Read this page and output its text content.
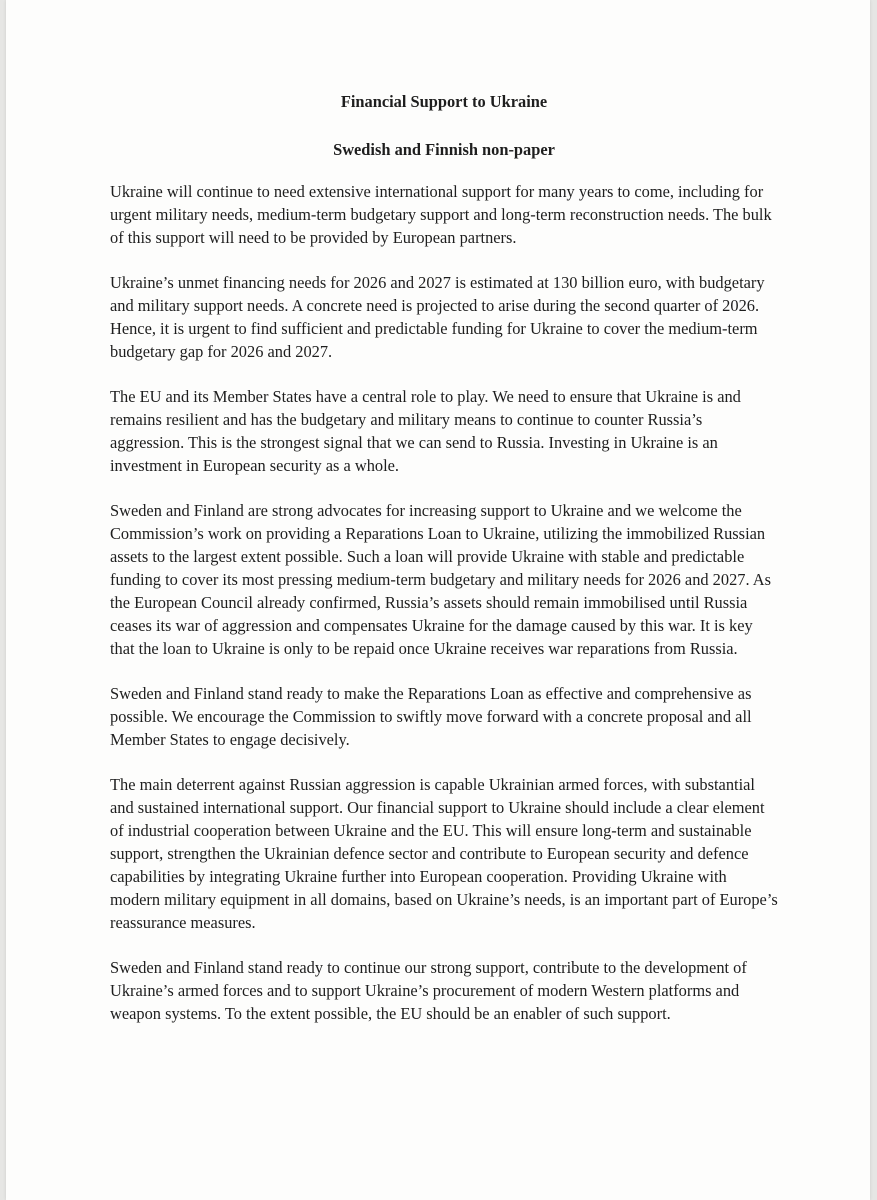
Financial Support to Ukraine

Swedish and Finnish non-paper

Ukraine will continue to need extensive international support for many years to come, including for urgent military needs, medium-term budgetary support and long-term reconstruction needs. The bulk of this support will need to be provided by European partners.

Ukraine’s unmet financing needs for 2026 and 2027 is estimated at 130 billion euro, with budgetary and military support needs. A concrete need is projected to arise during the second quarter of 2026. Hence, it is urgent to find sufficient and predictable funding for Ukraine to cover the medium-term budgetary gap for 2026 and 2027.

The EU and its Member States have a central role to play. We need to ensure that Ukraine is and remains resilient and has the budgetary and military means to continue to counter Russia’s aggression. This is the strongest signal that we can send to Russia. Investing in Ukraine is an investment in European security as a whole.

Sweden and Finland are strong advocates for increasing support to Ukraine and we welcome the Commission’s work on providing a Reparations Loan to Ukraine, utilizing the immobilized Russian assets to the largest extent possible. Such a loan will provide Ukraine with stable and predictable funding to cover its most pressing medium-term budgetary and military needs for 2026 and 2027. As the European Council already confirmed, Russia’s assets should remain immobilised until Russia ceases its war of aggression and compensates Ukraine for the damage caused by this war. It is key that the loan to Ukraine is only to be repaid once Ukraine receives war reparations from Russia.

Sweden and Finland stand ready to make the Reparations Loan as effective and comprehensive as possible. We encourage the Commission to swiftly move forward with a concrete proposal and all Member States to engage decisively.

The main deterrent against Russian aggression is capable Ukrainian armed forces, with substantial and sustained international support. Our financial support to Ukraine should include a clear element of industrial cooperation between Ukraine and the EU. This will ensure long-term and sustainable support, strengthen the Ukrainian defence sector and contribute to European security and defence capabilities by integrating Ukraine further into European cooperation. Providing Ukraine with modern military equipment in all domains, based on Ukraine’s needs, is an important part of Europe’s reassurance measures.

Sweden and Finland stand ready to continue our strong support, contribute to the development of Ukraine’s armed forces and to support Ukraine’s procurement of modern Western platforms and weapon systems. To the extent possible, the EU should be an enabler of such support.
